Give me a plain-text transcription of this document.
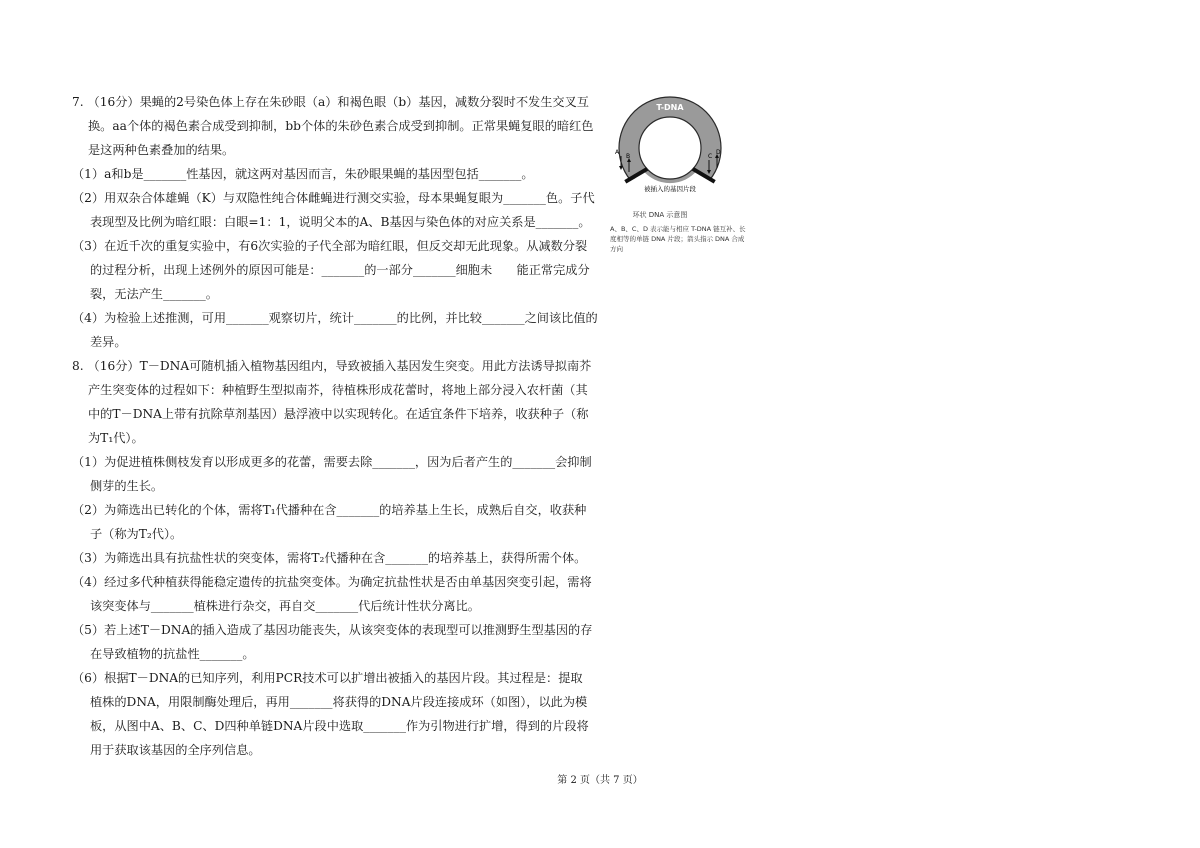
7. （16分）果蝇的2号染色体上存在朱砂眼（a）和褐色眼（b）基因，减数分裂时不发生交叉互
换。aa个体的褐色素合成受到抑制，bb个体的朱砂色素合成受到抑制。正常果蝇复眼的暗红色
是这两种色素叠加的结果。
（1）a和b是_______性基因，就这两对基因而言，朱砂眼果蝇的基因型包括_______。
（2）用双杂合体雄蝇（K）与双隐性纯合体雌蝇进行测交实验，母本果蝇复眼为_______色。子代
表现型及比例为暗红眼：白眼=1：1，说明父本的A、B基因与染色体的对应关系是_______。
（3）在近千次的重复实验中，有6次实验的子代全部为暗红眼，但反交却无此现象。从减数分裂
的过程分析，出现上述例外的原因可能是：_______的一部分_______细胞未　　能正常完成分
裂，无法产生_______。
（4）为检验上述推测，可用_______观察切片，统计_______的比例，并比较_______之间该比值的
差异。
8. （16分）T－DNA可随机插入植物基因组内，导致被插入基因发生突变。用此方法诱导拟南芥
产生突变体的过程如下：种植野生型拟南芥，待植株形成花蕾时，将地上部分浸入农杆菌（其
中的T－DNA上带有抗除草剂基因）悬浮液中以实现转化。在适宜条件下培养，收获种子（称
为T₁代）。
（1）为促进植株侧枝发育以形成更多的花蕾，需要去除_______，因为后者产生的_______会抑制
侧芽的生长。
（2）为筛选出已转化的个体，需将T₁代播种在含_______的培养基上生长，成熟后自交，收获种
子（称为T₂代）。
（3）为筛选出具有抗盐性状的突变体，需将T₂代播种在含_______的培养基上，获得所需个体。
（4）经过多代种植获得能稳定遗传的抗盐突变体。为确定抗盐性状是否由单基因突变引起，需将
该突变体与_______植株进行杂交，再自交_______代后统计性状分离比。
（5）若上述T－DNA的插入造成了基因功能丧失，从该突变体的表现型可以推测野生型基因的存
在导致植物的抗盐性_______。
（6）根据T－DNA的已知序列，利用PCR技术可以扩增出被插入的基因片段。其过程是：提取
植株的DNA，用限制酶处理后，再用_______将获得的DNA片段连接成环（如图），以此为模
板，从图中A、B、C、D四种单链DNA片段中选取_______作为引物进行扩增，得到的片段将
用于获取该基因的全序列信息。
T-DNA
A
B	C
D
被插入的基因片段
环状 DNA 示意图
A、B、C、D 表示能与相应 T-DNA 链互补、长度相等的单链 DNA 片段；箭头指示 DNA 合成方向
第 2 页（共 7 页）
